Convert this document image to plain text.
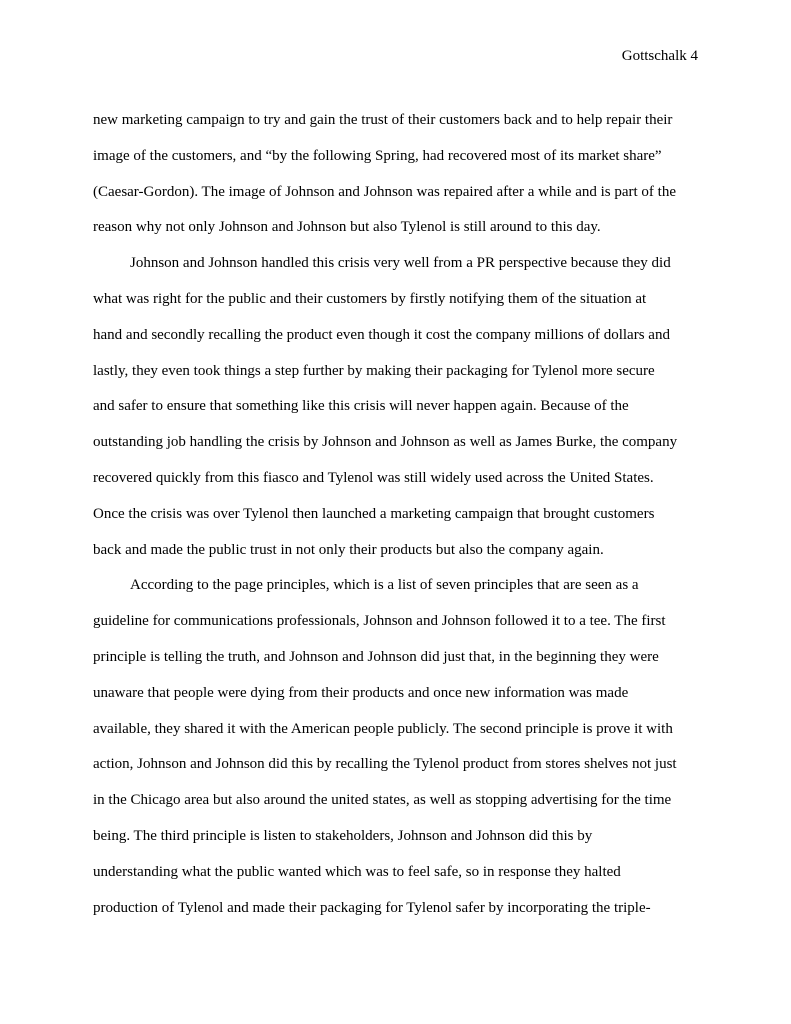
Gottschalk 4
new marketing campaign to try and gain the trust of their customers back and to help repair their
image of the customers, and “by the following Spring, had recovered most of its market share”
(Caesar-Gordon). The image of Johnson and Johnson was repaired after a while and is part of the
reason why not only Johnson and Johnson but also Tylenol is still around to this day.
Johnson and Johnson handled this crisis very well from a PR perspective because they did
what was right for the public and their customers by firstly notifying them of the situation at
hand and secondly recalling the product even though it cost the company millions of dollars and
lastly, they even took things a step further by making their packaging for Tylenol more secure
and safer to ensure that something like this crisis will never happen again. Because of the
outstanding job handling the crisis by Johnson and Johnson as well as James Burke, the company
recovered quickly from this fiasco and Tylenol was still widely used across the United States.
Once the crisis was over Tylenol then launched a marketing campaign that brought customers
back and made the public trust in not only their products but also the company again.
According to the page principles, which is a list of seven principles that are seen as a
guideline for communications professionals, Johnson and Johnson followed it to a tee. The first
principle is telling the truth, and Johnson and Johnson did just that, in the beginning they were
unaware that people were dying from their products and once new information was made
available, they shared it with the American people publicly. The second principle is prove it with
action, Johnson and Johnson did this by recalling the Tylenol product from stores shelves not just
in the Chicago area but also around the united states, as well as stopping advertising for the time
being. The third principle is listen to stakeholders, Johnson and Johnson did this by
understanding what the public wanted which was to feel safe, so in response they halted
production of Tylenol and made their packaging for Tylenol safer by incorporating the triple-
